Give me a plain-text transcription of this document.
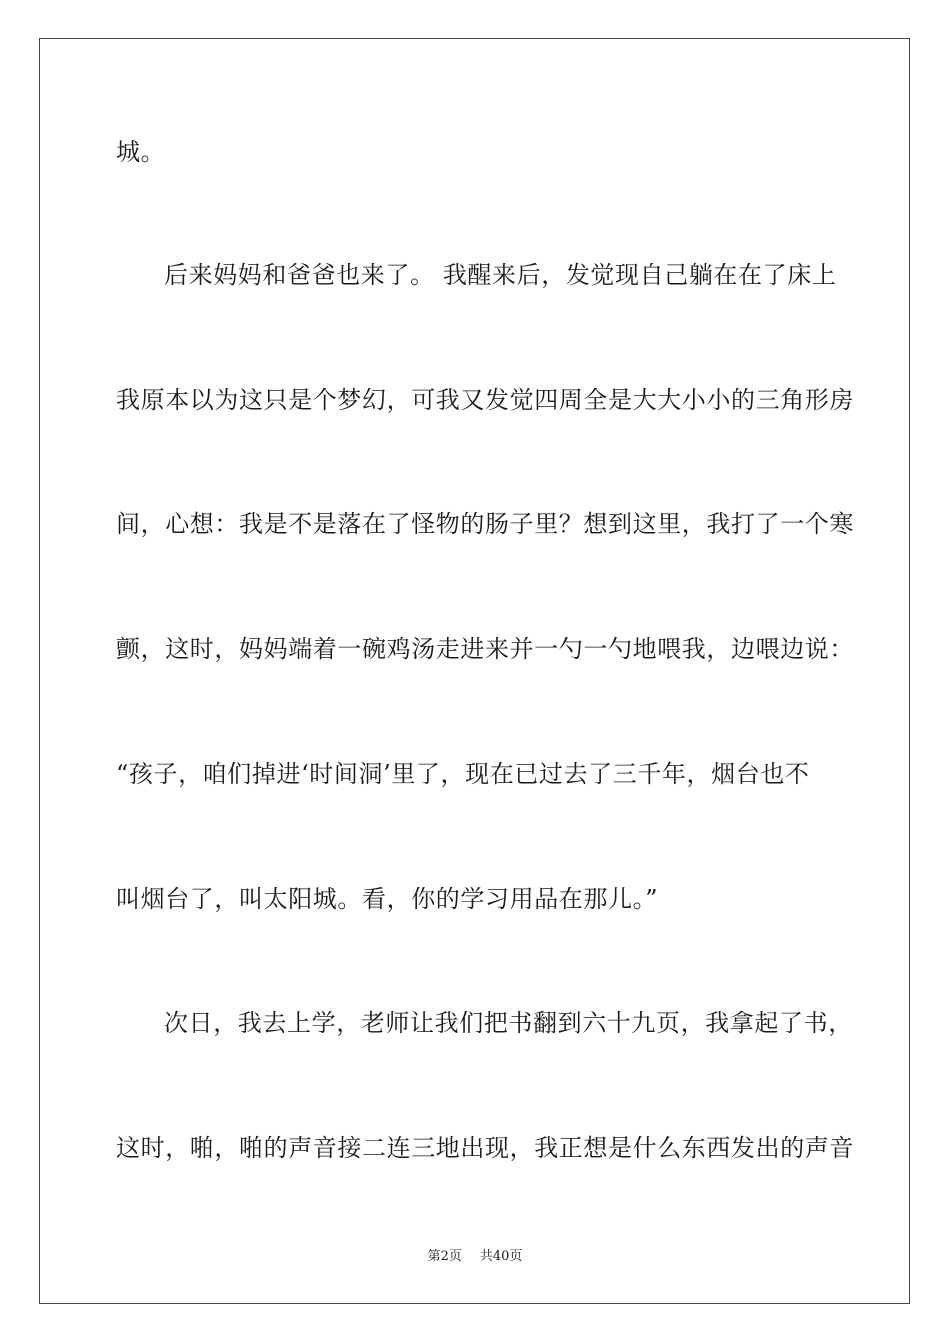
城。
后来妈妈和爸爸也来了。 我醒来后，发觉现自己躺在在了床上
我原本以为这只是个梦幻，可我又发觉四周全是大大小小的三角形房
间，心想：我是不是落在了怪物的肠子里？想到这里，我打了一个寒
颤，这时，妈妈端着一碗鸡汤走进来并一勺一勺地喂我，边喂边说：
“孩子，咱们掉进‘时间洞’里了，现在已过去了三千年，烟台也不
叫烟台了，叫太阳城。看，你的学习用品在那儿。”
次日，我去上学，老师让我们把书翻到六十九页，我拿起了书，
这时，啪，啪的声音接二连三地出现，我正想是什么东西发出的声音
第2页 共40页
